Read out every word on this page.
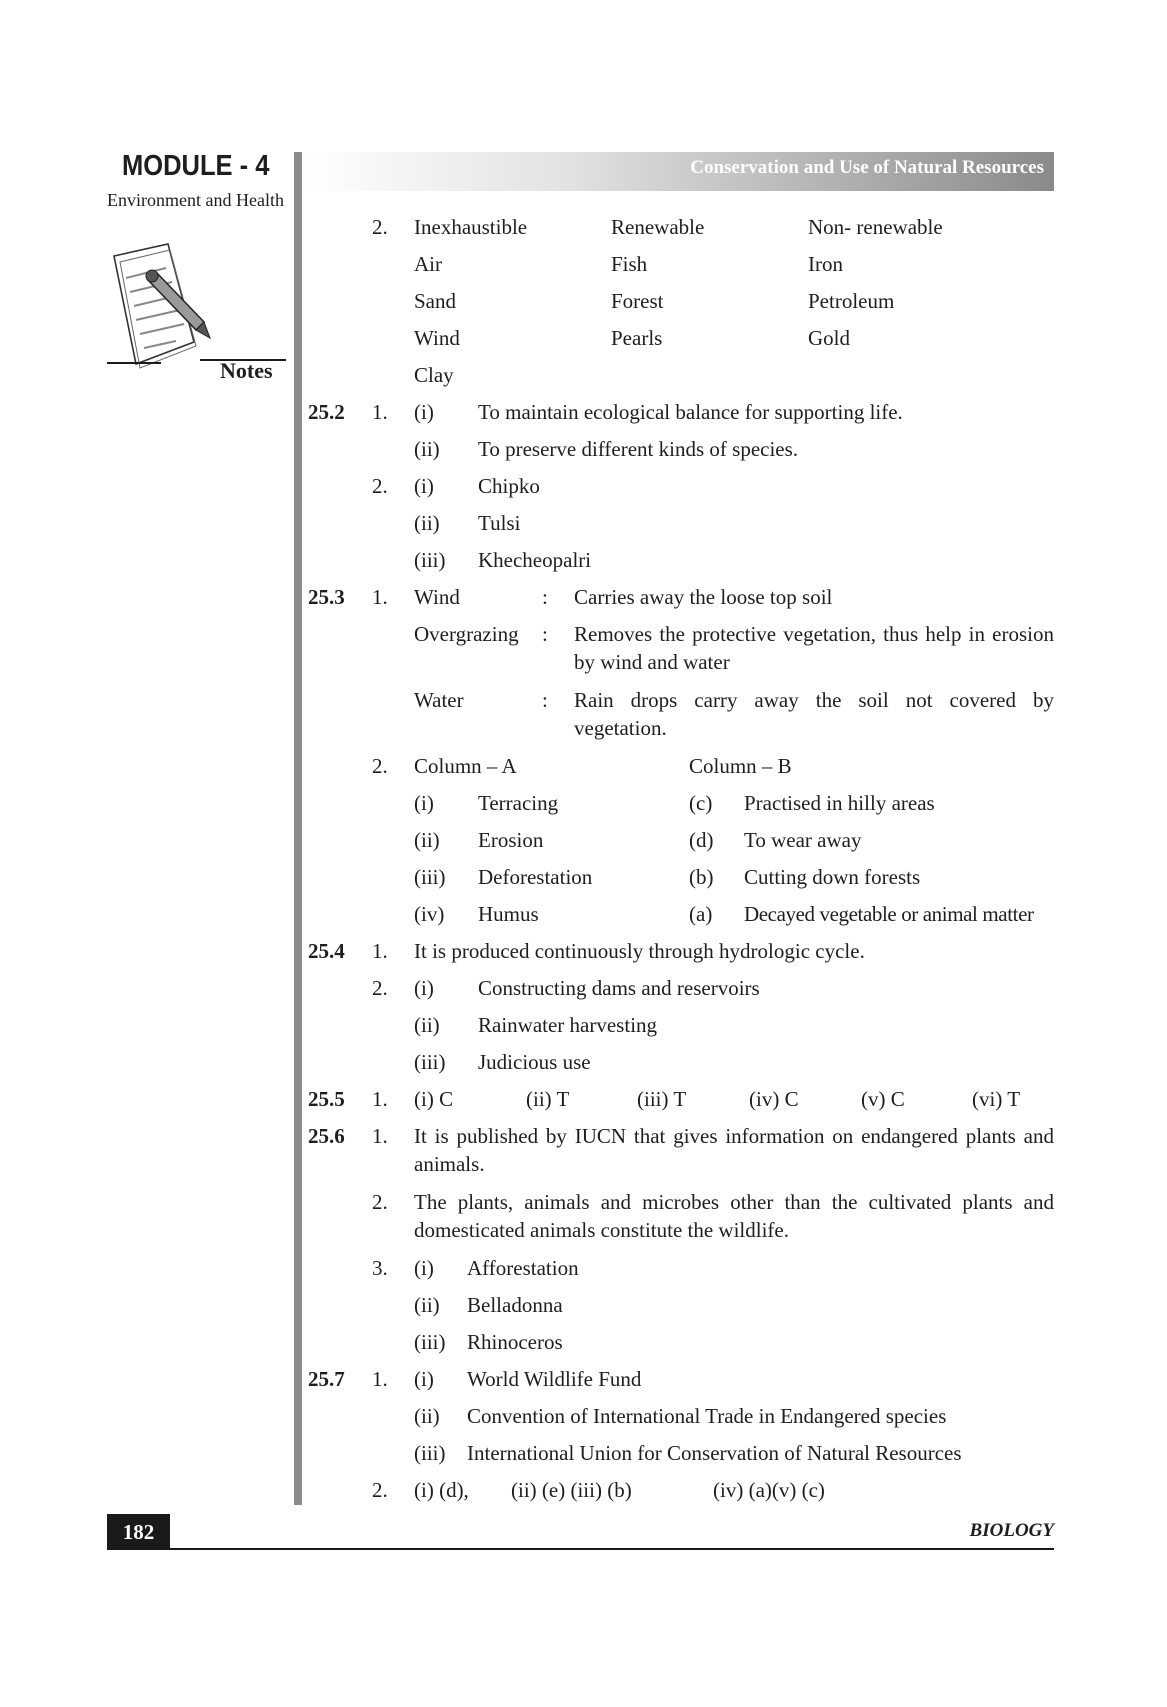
MODULE - 4
Environment and Health
Notes
Conservation and Use of Natural Resources
2. Inexhaustible	Renewable	Non- renewable
Air	Fish	Iron
Sand	Forest	Petroleum
Wind	Pearls	Gold
Clay
25.2 1. (i) To maintain ecological balance for supporting life.
(ii) To preserve different kinds of species.
2. (i) Chipko
(ii) Tulsi
(iii) Khecheopalri
25.3 1. Wind	: Carries away the loose top soil
Overgrazing : Removes the protective vegetation, thus help in erosion by wind and water
Water	: Rain drops carry away the soil not covered by vegetation.
2. Column – A	Column – B
(i) Terracing	(c) Practised in hilly areas
(ii) Erosion	(d) To wear away
(iii) Deforestation	(b) Cutting down forests
(iv) Humus	(a) Decayed vegetable or animal matter
25.4 1. It is produced continuously through hydrologic cycle.
2. (i) Constructing dams and reservoirs
(ii) Rainwater harvesting
(iii) Judicious use
25.5 1. (i) C	(ii) T	(iii) T	(iv) C	(v) C	(vi) T
25.6 1. It is published by IUCN that gives information on endangered plants and animals.
2. The plants, animals and microbes other than the cultivated plants and domesticated animals constitute the wildlife.
3. (i) Afforestation
(ii) Belladonna
(iii) Rhinoceros
25.7 1. (i) World Wildlife Fund
(ii) Convention of International Trade in Endangered species
(iii) International Union for Conservation of Natural Resources
2. (i) (d), (ii) (e) (iii) (b)	(iv) (a)(v) (c)
182	BIOLOGY
